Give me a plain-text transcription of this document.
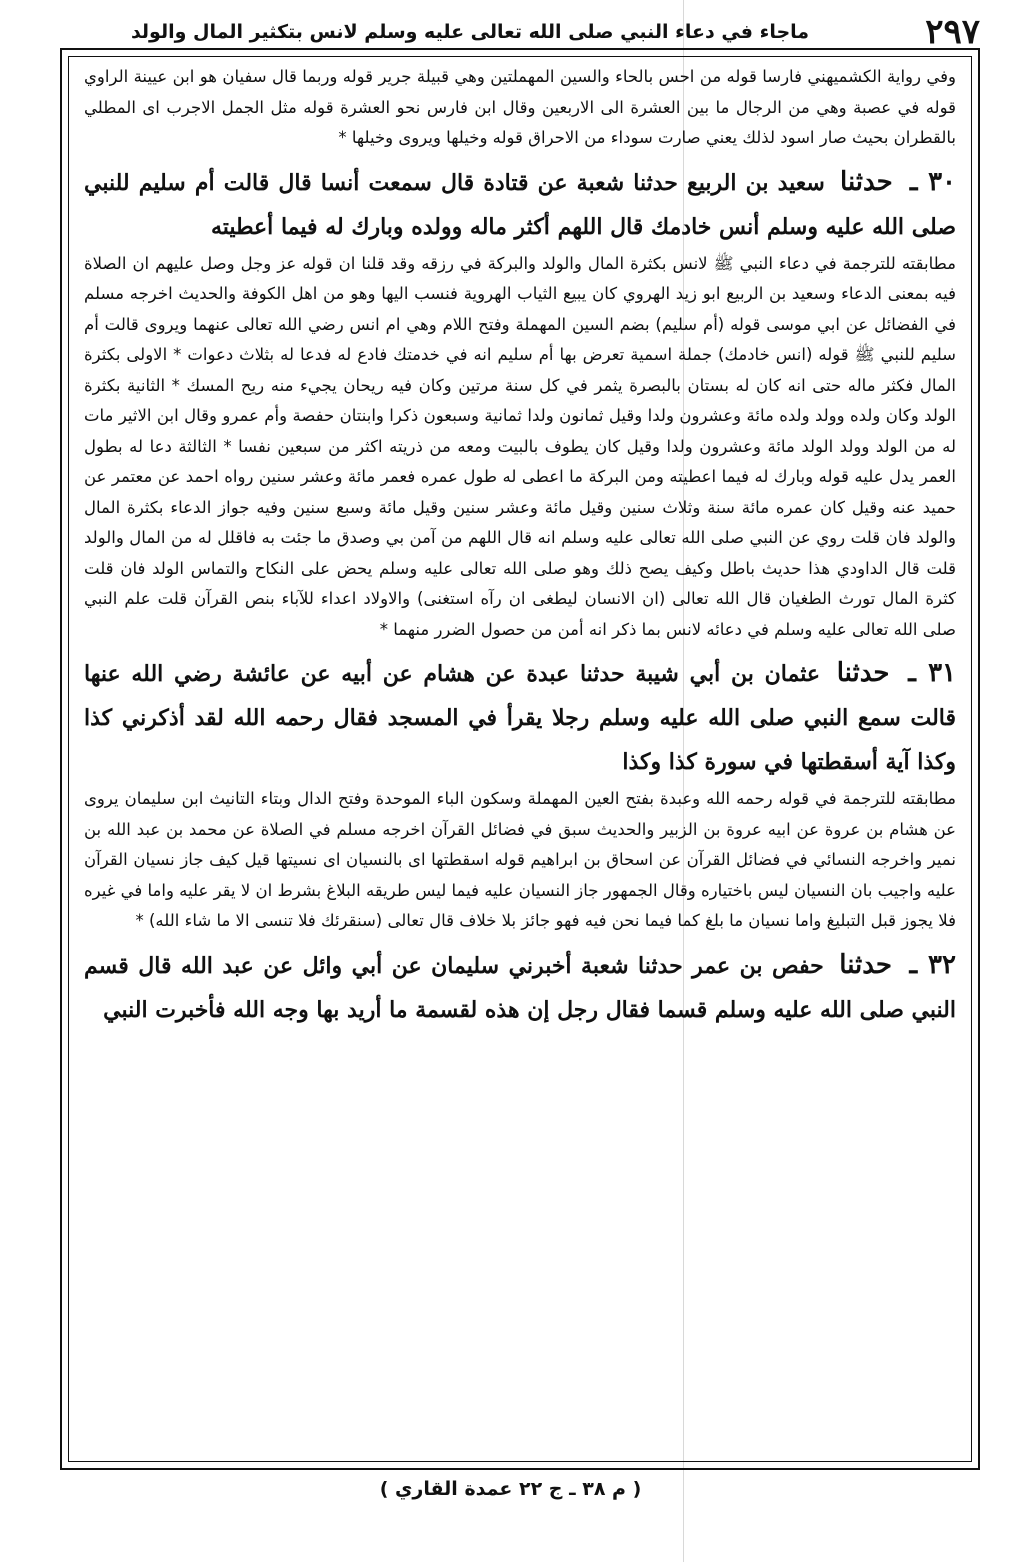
۲۹۷
ماجاء في دعاء النبي صلى الله تعالى عليه وسلم لانس بتكثير المال والولد

وفي رواية الكشميهني فارسا قوله من احس بالحاء والسين المهملتين وهي قبيلة جرير قوله وربما قال سفيان هو ابن عيينة الراوي قوله في عصبة وهي من الرجال ما بين العشرة الى الاربعين وقال ابن فارس نحو العشرة قوله مثل الجمل الاجرب اى المطلي بالقطران بحيث صار اسود لذلك يعني صارت سوداء من الاحراق قوله وخيلها ويروى وخيلها *

۳۰ ـ حدثنا سعيد بن الربيع حدثنا شعبة عن قتادة قال سمعت أنسا قال قالت أم سليم للنبي صلى الله عليه وسلم أنس خادمك قال اللهم أكثر ماله وولده وبارك له فيما أعطيته

مطابقته للترجمة في دعاء النبي ﷺ لانس بكثرة المال والولد والبركة في رزقه وقد قلنا ان قوله عز وجل وصل عليهم ان الصلاة فيه بمعنى الدعاء وسعيد بن الربيع ابو زيد الهروي كان يبيع الثياب الهروية فنسب اليها وهو من اهل الكوفة والحديث اخرجه مسلم في الفضائل عن ابي موسى قوله (أم سليم) بضم السين المهملة وفتح اللام وهي ام انس رضي الله تعالى عنهما ويروى قالت أم سليم للنبي ﷺ قوله (انس خادمك) جملة اسمية تعرض بها أم سليم انه في خدمتك فادع له فدعا له بثلاث دعوات * الاولى بكثرة المال فكثر ماله حتى انه كان له بستان بالبصرة يثمر في كل سنة مرتين وكان فيه ريحان يجيء منه ريح المسك * الثانية بكثرة الولد وكان ولده وولد ولده مائة وعشرون ولدا وقيل ثمانون ولدا ثمانية وسبعون ذكرا وابنتان حفصة وأم عمرو وقال ابن الاثير مات له من الولد وولد الولد مائة وعشرون ولدا وقيل كان يطوف بالبيت ومعه من ذريته اكثر من سبعين نفسا * الثالثة دعا له بطول العمر يدل عليه قوله وبارك له فيما اعطيته ومن البركة ما اعطى له طول عمره فعمر مائة وعشر سنين رواه احمد عن معتمر عن حميد عنه وقيل كان عمره مائة سنة وثلاث سنين وقيل مائة وعشر سنين وقيل مائة وسبع سنين وفيه جواز الدعاء بكثرة المال والولد فان قلت روي عن النبي صلى الله تعالى عليه وسلم انه قال اللهم من آمن بي وصدق ما جئت به فاقلل له من المال والولد قلت قال الداودي هذا حديث باطل وكيف يصح ذلك وهو صلى الله تعالى عليه وسلم يحض على النكاح والتماس الولد فان قلت كثرة المال تورث الطغيان قال الله تعالى (ان الانسان ليطغى ان رآه استغنى) والاولاد اعداء للآباء بنص القرآن قلت علم النبي صلى الله تعالى عليه وسلم في دعائه لانس بما ذكر انه أمن من حصول الضرر منهما *

۳۱ ـ حدثنا عثمان بن أبي شيبة حدثنا عبدة عن هشام عن أبيه عن عائشة رضي الله عنها قالت سمع النبي صلى الله عليه وسلم رجلا يقرأ في المسجد فقال رحمه الله لقد أذكرني كذا وكذا آية أسقطتها في سورة كذا وكذا

مطابقته للترجمة في قوله رحمه الله وعبدة بفتح العين المهملة وسكون الباء الموحدة وفتح الدال وبتاء التانيث ابن سليمان يروى عن هشام بن عروة عن ابيه عروة بن الزبير والحديث سبق في فضائل القرآن اخرجه مسلم في الصلاة عن محمد بن عبد الله بن نمير واخرجه النسائي في فضائل القرآن عن اسحاق بن ابراهيم قوله اسقطتها اى بالنسيان اى نسيتها قيل كيف جاز نسيان القرآن عليه واجيب بان النسيان ليس باختياره وقال الجمهور جاز النسيان عليه فيما ليس طريقه البلاغ بشرط ان لا يقر عليه واما في غيره فلا يجوز قبل التبليغ واما نسيان ما بلغ كما فيما نحن فيه فهو جائز بلا خلاف قال تعالى (سنقرئك فلا تنسى الا ما شاء الله) *

۳۲ ـ حدثنا حفص بن عمر حدثنا شعبة أخبرني سليمان عن أبي وائل عن عبد الله قال قسم النبي صلى الله عليه وسلم قسما فقال رجل إن هذه لقسمة ما أريد بها وجه الله فأخبرت النبي

( م ۳۸ ـ ج ۲۲ عمدة القاري )
